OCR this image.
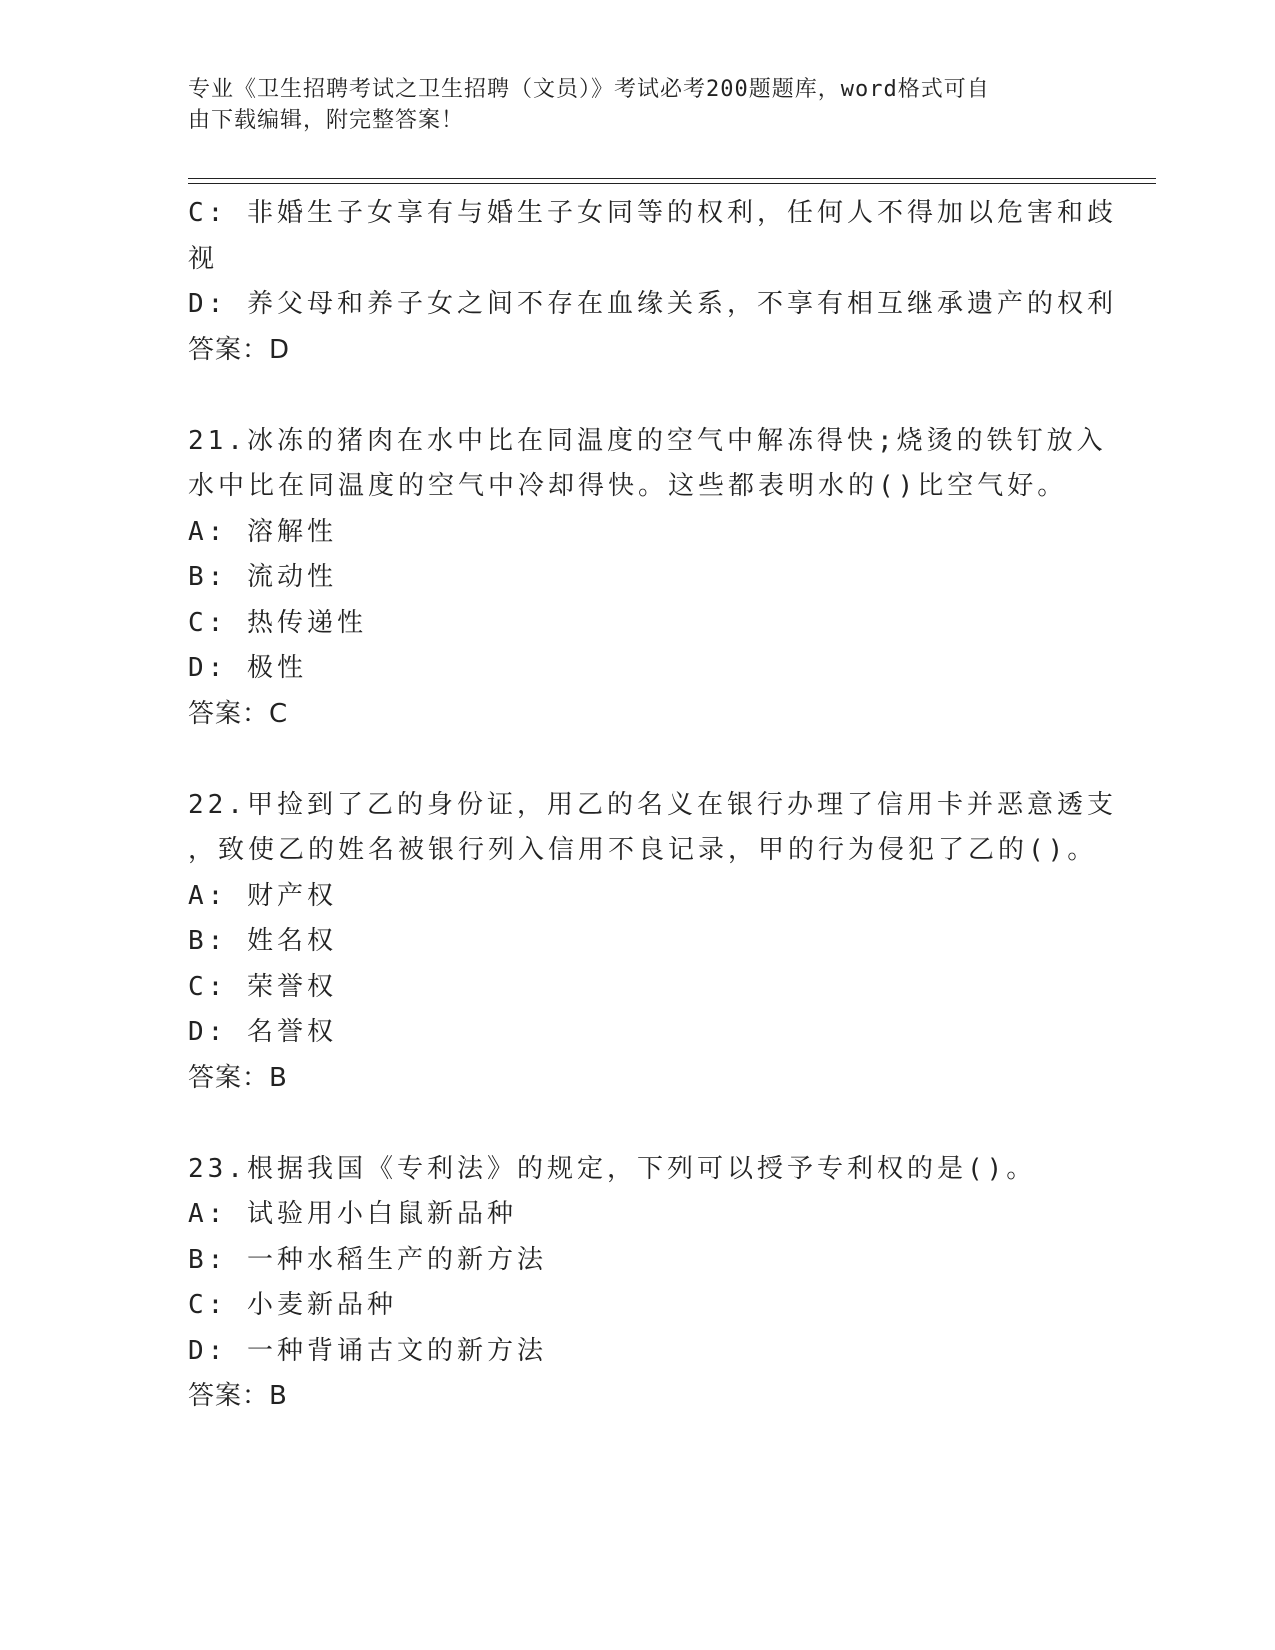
专业《卫生招聘考试之卫生招聘（文员）》考试必考200题题库，word格式可自
由下载编辑，附完整答案！
C: 非婚生子女享有与婚生子女同等的权利，任何人不得加以危害和歧
视
D: 养父母和养子女之间不存在血缘关系，不享有相互继承遗产的权利
答案：D
21.冰冻的猪肉在水中比在同温度的空气中解冻得快;烧烫的铁钉放入
水中比在同温度的空气中冷却得快。这些都表明水的()比空气好。
A: 溶解性
B: 流动性
C: 热传递性
D: 极性
答案：C
22.甲捡到了乙的身份证，用乙的名义在银行办理了信用卡并恶意透支
，致使乙的姓名被银行列入信用不良记录，甲的行为侵犯了乙的()。
A: 财产权
B: 姓名权
C: 荣誉权
D: 名誉权
答案：B
23.根据我国《专利法》的规定，下列可以授予专利权的是()。
A: 试验用小白鼠新品种
B: 一种水稻生产的新方法
C: 小麦新品种
D: 一种背诵古文的新方法
答案：B
